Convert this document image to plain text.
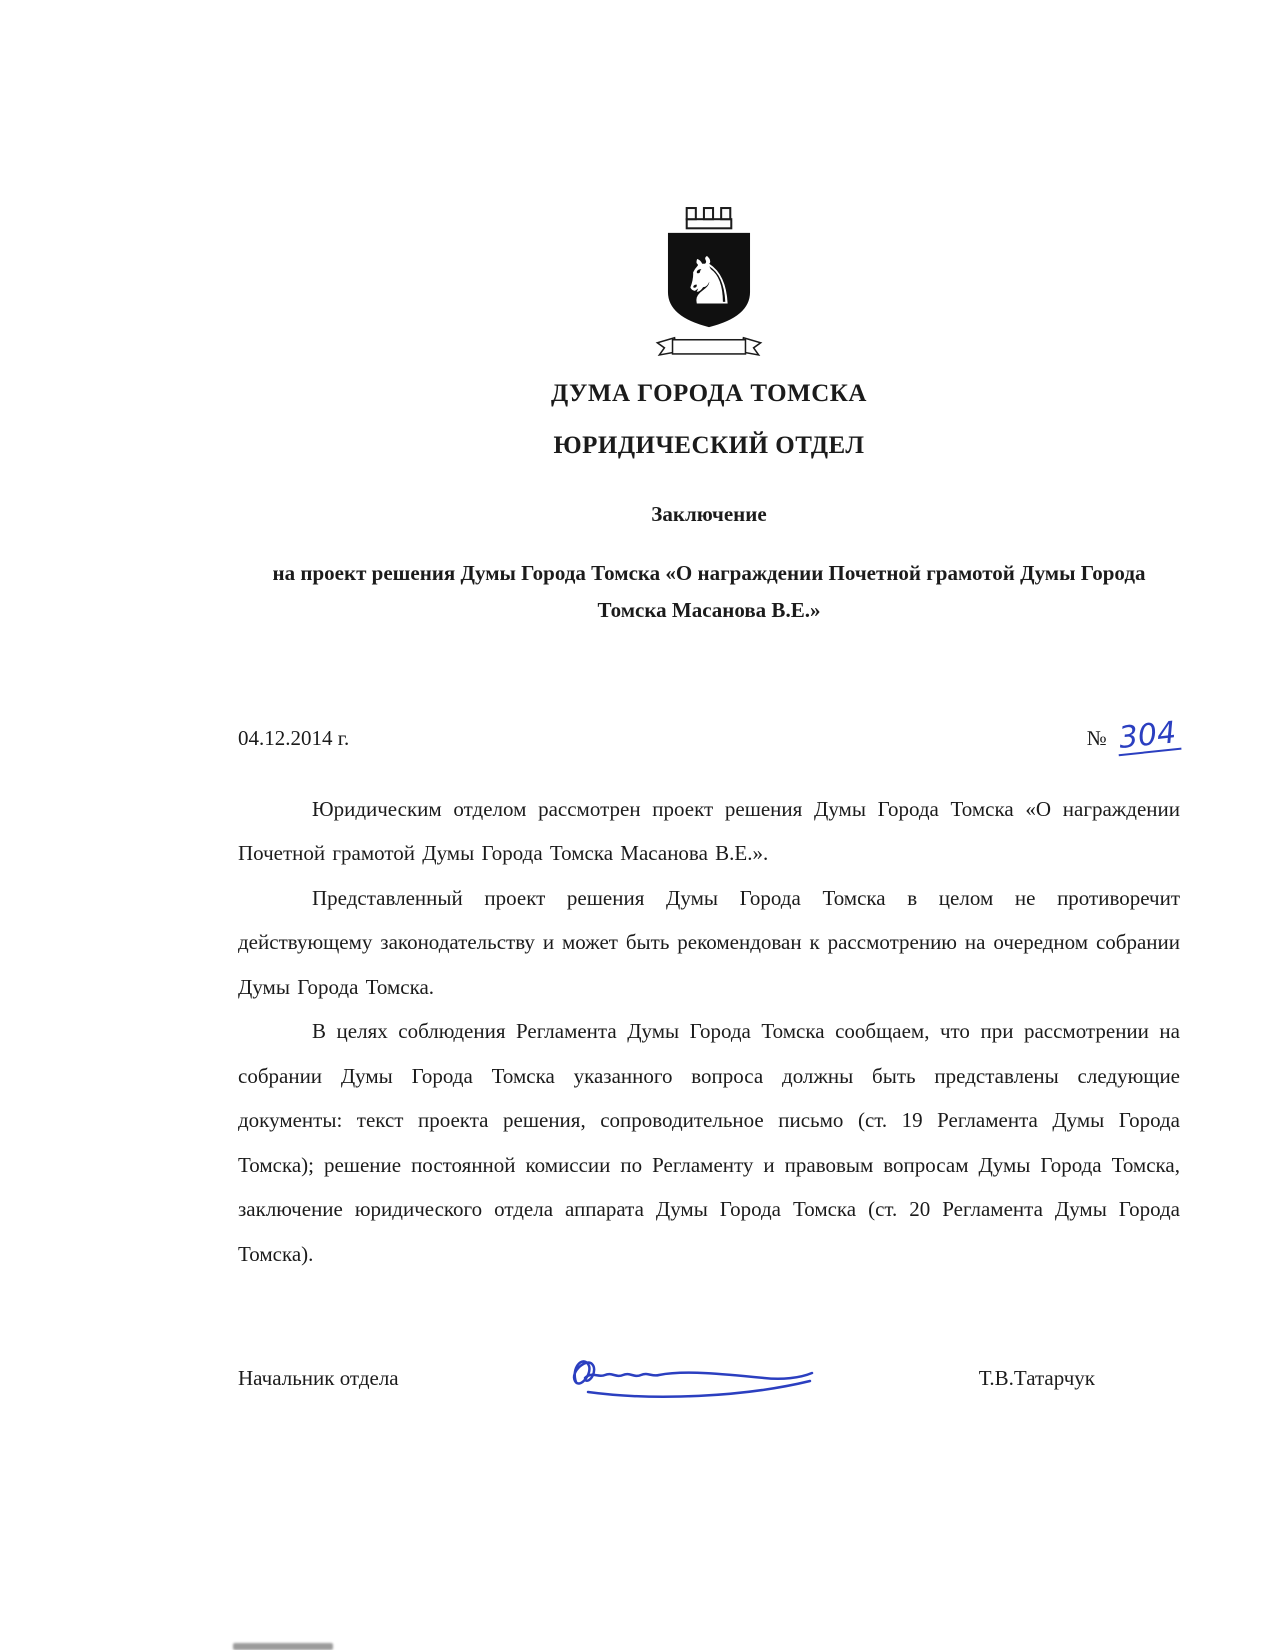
♞
ДУМА ГОРОДА ТОМСКА
ЮРИДИЧЕСКИЙ ОТДЕЛ
Заключение
на проект решения Думы Города Томска «О награждении Почетной грамотой Думы Города Томска Масанова В.Е.»
04.12.2014 г.	№ 304

Юридическим отделом рассмотрен проект решения Думы Города Томска «О награждении Почетной грамотой Думы Города Томска Масанова В.Е.».

Представленный проект решения Думы Города Томска в целом не противоречит действующему законодательству и может быть рекомендован к рассмотрению на очередном собрании Думы Города Томска.

В целях соблюдения Регламента Думы Города Томска сообщаем, что при рассмотрении на собрании Думы Города Томска указанного вопроса должны быть представлены следующие документы: текст проекта решения, сопроводительное письмо (ст. 19 Регламента Думы Города Томска); решение постоянной комиссии по Регламенту и правовым вопросам Думы Города Томска, заключение юридического отдела аппарата Думы Города Томска (ст. 20 Регламента Думы Города Томска).

Начальник отдела	Т.В.Татарчук
